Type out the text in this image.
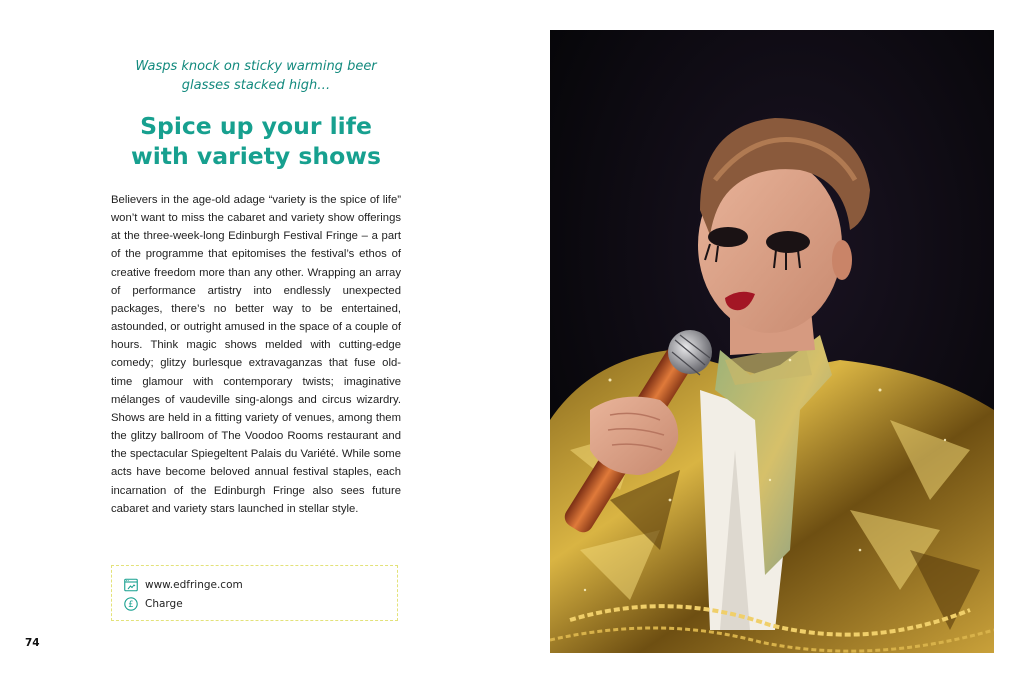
Wasps knock on sticky warming beer glasses stacked high…
Spice up your life
with variety shows

Believers in the age-old adage “variety is the spice of life” won’t want to miss the cabaret and variety show offerings at the three-week-long Edinburgh Festival Fringe – a part of the programme that epitomises the festival’s ethos of creative freedom more than any other. Wrapping an array of performance artistry into endlessly unexpected packages, there’s no better way to be entertained, astounded, or outright amused in the space of a couple of hours. Think magic shows melded with cutting-edge comedy; glitzy burlesque extravaganzas that fuse old-time glamour with contemporary twists; imaginative mélanges of vaudeville sing-alongs and circus wizardry. Shows are held in a fitting variety of venues, among them the glitzy ballroom of The Voodoo Rooms restaurant and the spectacular Spiegeltent Palais du Variété. While some acts have become beloved annual festival staples, each incarnation of the Edinburgh Fringe also sees future cabaret and variety stars launched in stellar style.

www.edfringe.com
£ Charge
74
